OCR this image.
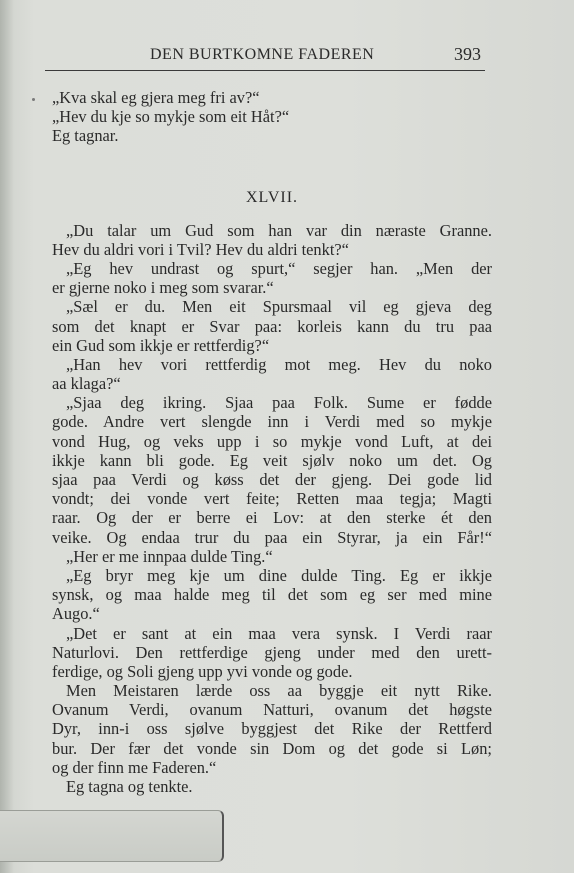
DEN BURTKOMNE FADEREN	393
„Kva skal eg gjera meg fri av?“
„Hev du kje so mykje som eit Håt?“
Eg tagnar.
XLVII.
„Du talar um Gud som han var din næraste Granne.
Hev du aldri vori i Tvil? Hev du aldri tenkt?“
„Eg hev undrast og spurt,“ segjer han. „Men der
er gjerne noko i meg som svarar.“
„Sæl er du. Men eit Spursmaal vil eg gjeva deg
som det knapt er Svar paa: korleis kann du tru paa
ein Gud som ikkje er rettferdig?“
„Han hev vori rettferdig mot meg. Hev du noko
aa klaga?“
„Sjaa deg ikring. Sjaa paa Folk. Sume er fødde
gode. Andre vert slengde inn i Verdi med so mykje
vond Hug, og veks upp i so mykje vond Luft, at dei
ikkje kann bli gode. Eg veit sjølv noko um det. Og
sjaa paa Verdi og køss det der gjeng. Dei gode lid
vondt; dei vonde vert feite; Retten maa tegja; Magti
raar. Og der er berre ei Lov: at den sterke ét den
veike. Og endaa trur du paa ein Styrar, ja ein Får!“
„Her er me innpaa dulde Ting.“
„Eg bryr meg kje um dine dulde Ting. Eg er ikkje
synsk, og maa halde meg til det som eg ser med mine
Augo.“
„Det er sant at ein maa vera synsk. I Verdi raar
Naturlovi. Den rettferdige gjeng under med den urett-
ferdige, og Soli gjeng upp yvi vonde og gode.
Men Meistaren lærde oss aa byggje eit nytt Rike.
Ovanum Verdi, ovanum Natturi, ovanum det høgste
Dyr, inn-i oss sjølve byggjest det Rike der Rettferd
bur. Der fær det vonde sin Dom og det gode si Løn;
og der finn me Faderen.“
Eg tagna og tenkte.
